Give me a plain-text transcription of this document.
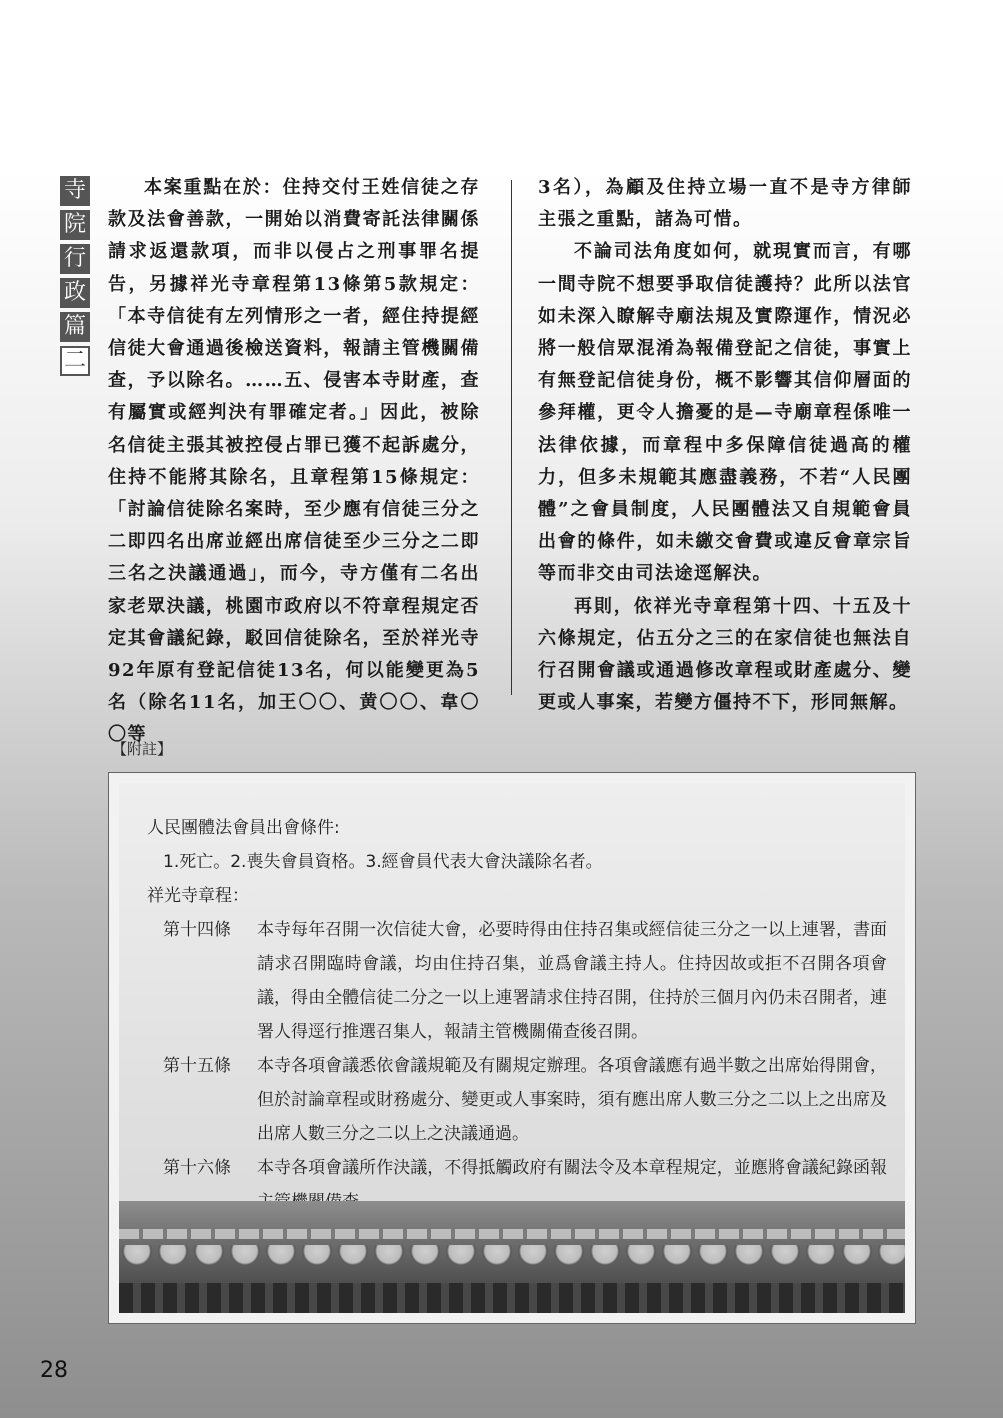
寺
院
行
政
篇
二

本案重點在於：住持交付王姓信徒之存款及法會善款，一開始以消費寄託法律關係請求返還款項，而非以侵占之刑事罪名提告，另據祥光寺章程第13條第5款規定：「本寺信徒有左列情形之一者，經住持提經信徒大會通過後檢送資料，報請主管機關備查，予以除名。……五、侵害本寺財產，查有屬實或經判決有罪確定者。」因此，被除名信徒主張其被控侵占罪已獲不起訴處分，住持不能將其除名，且章程第15條規定：「討論信徒除名案時，至少應有信徒三分之二即四名出席並經出席信徒至少三分之二即三名之決議通過」，而今，寺方僅有二名出家老眾決議，桃園市政府以不符章程規定否定其會議紀錄，駁回信徒除名，至於祥光寺92年原有登記信徒13名，何以能變更為5名（除名11名，加王〇〇、黄〇〇、韋〇〇等

3名），為顧及住持立場一直不是寺方律師主張之重點，諸為可惜。

不論司法角度如何，就現實而言，有哪一間寺院不想要爭取信徒護持？此所以法官如未深入瞭解寺廟法規及實際運作，情況必將一般信眾混淆為報備登記之信徒，事實上有無登記信徒身份，概不影響其信仰層面的參拜權，更令人擔憂的是—寺廟章程係唯一法律依據，而章程中多保障信徒過高的權力，但多未規範其應盡義務，不若“人民團體”之會員制度，人民團體法又自規範會員出會的條件，如未繳交會費或違反會章宗旨等而非交由司法途逕解決。

再則，依祥光寺章程第十四、十五及十六條規定，佔五分之三的在家信徒也無法自行召開會議或通過修改章程或財產處分、變更或人事案，若變方僵持不下，形同無解。

【附註】
人民團體法會員出會條件:
1.死亡。2.喪失會員資格。3.經會員代表大會決議除名者。
祥光寺章程：
第十四條	本寺每年召開一次信徒大會，必要時得由住持召集或經信徒三分之一以上連署，書面請求召開臨時會議，均由住持召集，並爲會議主持人。住持因故或拒不召開各項會議，得由全體信徒二分之一以上連署請求住持召開，住持於三個月內仍未召開者，連署人得逕行推選召集人，報請主管機關備查後召開。
第十五條	本寺各項會議悉依會議規範及有關規定辦理。各項會議應有過半數之出席始得開會，但於討論章程或財務處分、變更或人事案時，須有應出席人數三分之二以上之出席及出席人數三分之二以上之決議通過。
第十六條	本寺各項會議所作決議，不得抵觸政府有關法令及本章程規定，並應將會議紀錄函報
28
